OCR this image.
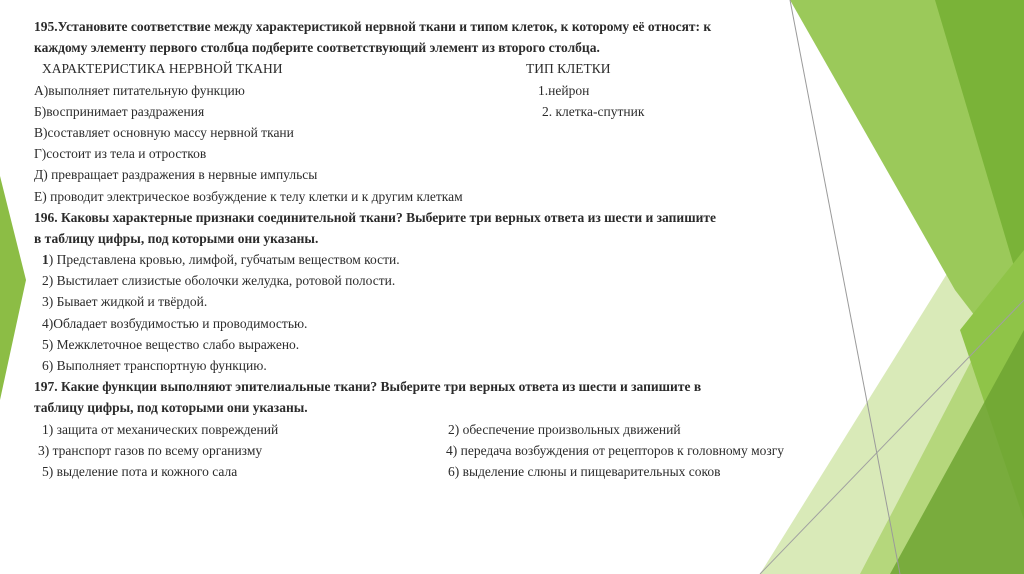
195.Установите соответствие между характеристикой нервной ткани и типом клеток, к которому её относят: к
каждому элементу первого столбца подберите соответствующий элемент из второго столбца.
ХАРАКТЕРИСТИКА НЕРВНОЙ ТКАНИ	ТИП КЛЕТКИ
А)выполняет питательную функцию	1.нейрон
Б)воспринимает раздражения	2. клетка-спутник
В)составляет основную массу нервной ткани
Г)состоит из тела и отростков
Д) превращает раздражения в нервные импульсы
Е) проводит электрическое возбуждение к телу клетки и к другим клеткам
196. Каковы характерные признаки соединительной ткани? Выберите три верных ответа из шести и запишите
в таблицу цифры, под которыми они указаны.
1) Представлена кровью, лимфой, губчатым веществом кости.
2) Выстилает слизистые оболочки желудка, ротовой полости.
3) Бывает жидкой и твёрдой.
4)Обладает возбудимостью и проводимостью.
5) Межклеточное вещество слабо выражено.
6) Выполняет транспортную функцию.
197. Какие функции выполняют эпителиальные ткани? Выберите три верных ответа из шести и запишите в
таблицу цифры, под которыми они указаны.
1) защита от механических повреждений	2) обеспечение произвольных движений
3) транспорт газов по всему организму	4) передача возбуждения от рецепторов к головному мозгу
5) выделение пота и кожного сала	6) выделение слюны и пищеварительных соков
